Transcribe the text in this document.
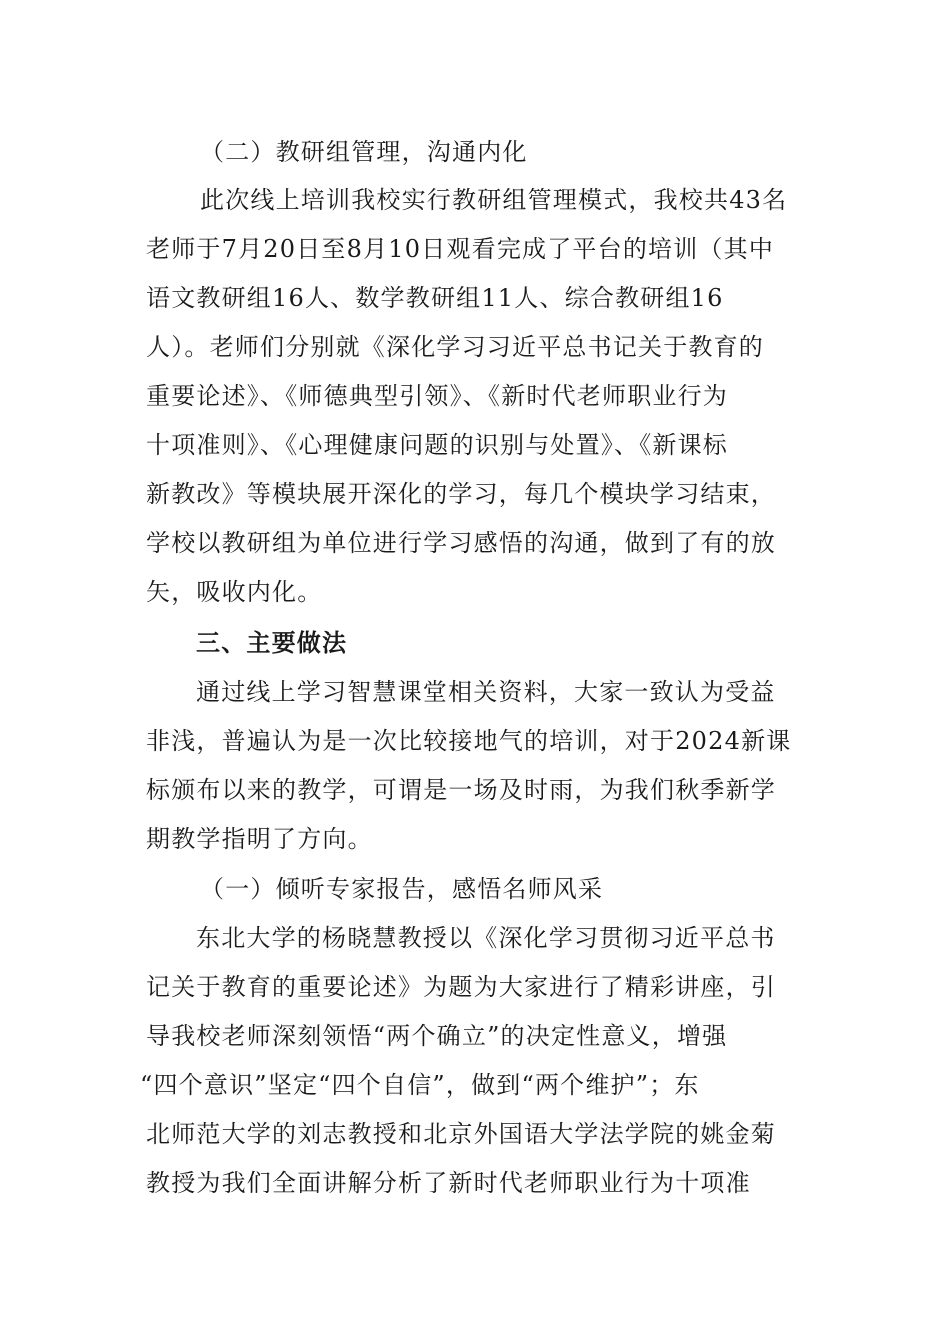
（二）教研组管理，沟通内化
此次线上培训我校实行教研组管理模式，我校共43名
老师于7月20日至8月10日观看完成了平台的培训（其中
语文教研组16人、数学教研组11人、综合教研组16
人）。老师们分别就《深化学习习近平总书记关于教育的
重要论述》、《师德典型引领》、《新时代老师职业行为
十项准则》、《心理健康问题的识别与处置》、《新课标
新教改》等模块展开深化的学习，每几个模块学习结束，
学校以教研组为单位进行学习感悟的沟通，做到了有的放
矢，吸收内化。
三、主要做法
通过线上学习智慧课堂相关资料，大家一致认为受益
非浅，普遍认为是一次比较接地气的培训，对于2024新课
标颁布以来的教学，可谓是一场及时雨，为我们秋季新学
期教学指明了方向。
（一）倾听专家报告，感悟名师风采
东北大学的杨晓慧教授以《深化学习贯彻习近平总书
记关于教育的重要论述》为题为大家进行了精彩讲座，引
导我校老师深刻领悟“两个确立”的决定性意义，增强
“四个意识”坚定“四个自信”，做到“两个维护”；东
北师范大学的刘志教授和北京外国语大学法学院的姚金菊
教授为我们全面讲解分析了新时代老师职业行为十项准
